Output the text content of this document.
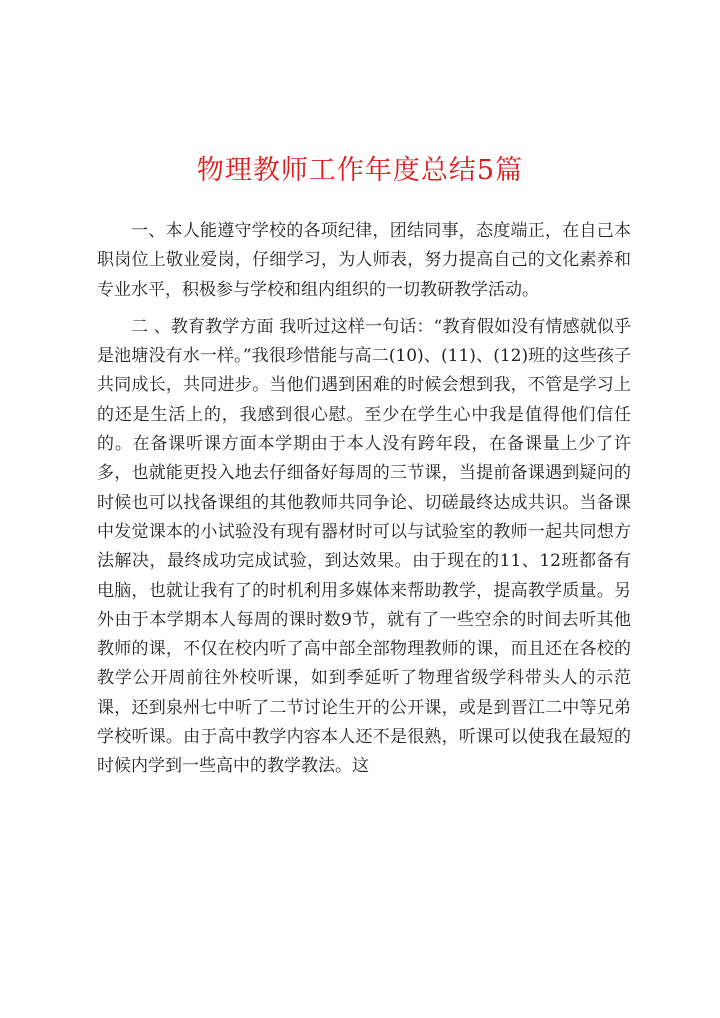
物理教师工作年度总结5篇

一、本人能遵守学校的各项纪律，团结同事，态度端正，在自己本职岗位上敬业爱岗，仔细学习，为人师表，努力提高自己的文化素养和专业水平，积极参与学校和组内组织的一切教研教学活动。

二 、教育教学方面 我听过这样一句话：“教育假如没有情感就似乎是池塘没有水一样。”我很珍惜能与高二(10)、(11)、(12)班的这些孩子共同成长，共同进步。当他们遇到困难的时候会想到我，不管是学习上的还是生活上的，我感到很心慰。至少在学生心中我是值得他们信任的。在备课听课方面本学期由于本人没有跨年段，在备课量上少了许多，也就能更投入地去仔细备好每周的三节课，当提前备课遇到疑问的时候也可以找备课组的其他教师共同争论、切磋最终达成共识。当备课中发觉课本的小试验没有现有器材时可以与试验室的教师一起共同想方法解决，最终成功完成试验，到达效果。由于现在的11、12班都备有电脑，也就让我有了的时机利用多媒体来帮助教学，提高教学质量。另外由于本学期本人每周的课时数9节，就有了一些空余的时间去听其他教师的课，不仅在校内听了高中部全部物理教师的课，而且还在各校的教学公开周前往外校听课，如到季延听了物理省级学科带头人的示范课，还到泉州七中听了二节讨论生开的公开课，或是到晋江二中等兄弟学校听课。由于高中教学内容本人还不是很熟，听课可以使我在最短的时候内学到一些高中的教学教法。这
